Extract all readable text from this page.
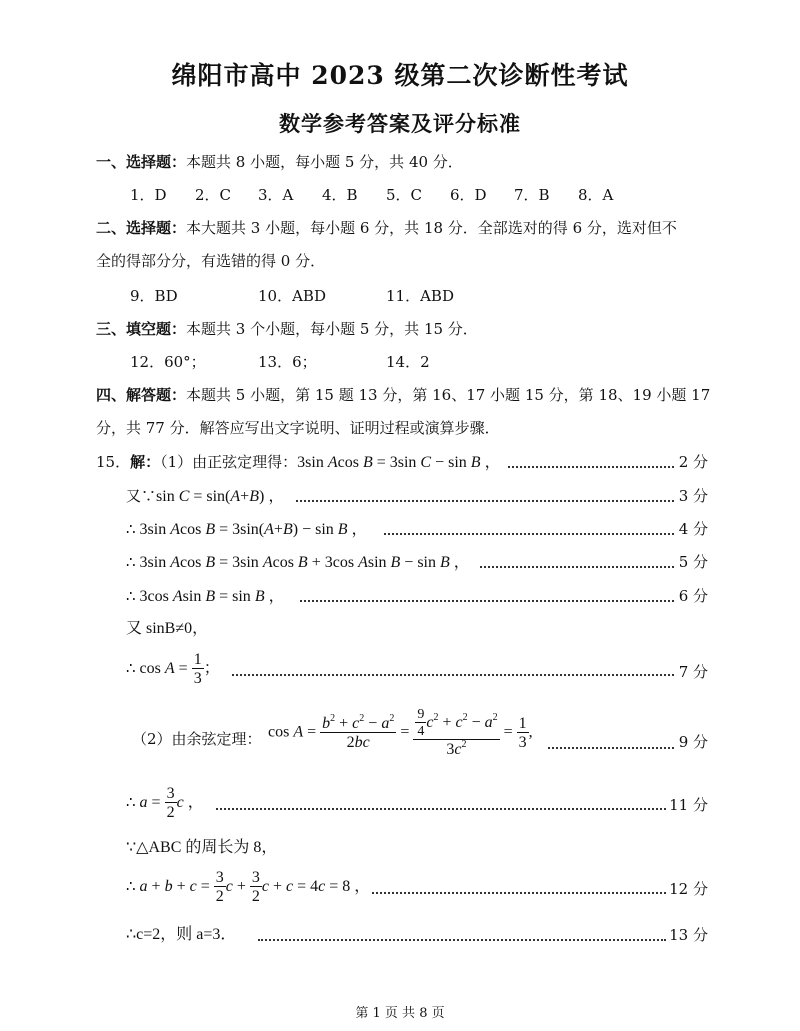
绵阳市高中 2023 级第二次诊断性考试
数学参考答案及评分标准
一、选择题：本题共 8 小题，每小题 5 分，共 40 分．
1．D 2．C 3．A 4．B 5．C 6．D 7．B 8．A
二、选择题：本大题共 3 小题，每小题 6 分，共 18 分．全部选对的得 6 分，选对但不
全的得部分分，有选错的得 0 分．
9．BD	10．ABD	11．ABD
三、填空题：本题共 3 个小题，每小题 5 分，共 15 分．
12．60°；	13．6；	14．2
四、解答题：本题共 5 小题，第 15 题 13 分，第 16、17 小题 15 分，第 18、19 小题 17
分，共 77 分．解答应写出文字说明、证明过程或演算步骤．
15．解：（1）由正弦定理得：3sin Acos B = 3sin C − sin B ，	2 分
又∵sin C = sin(A+B) ，	3 分
∴ 3sin Acos B = 3sin(A+B) − sin B ，	4 分
∴ 3sin Acos B = 3sin Acos B + 3cos Asin B − sin B ，	5 分
∴ 3cos Asin B = sin B ，	6 分
又 sinB≠0，
∴ $\cos A = \frac{1}{3}$ ；	7 分
（2）由余弦定理： $\cos A = \frac{b^2 + c^2 - a^2}{2bc} = \frac{\frac{9}{4} c^2 + c^2 - a^2}{3c^2} = \frac{1}{3}$ ,
9 分
∴ $a = \frac{3}{2}$ c ，	11 分
∵△ABC 的周长为 8，
∴ $a + b + c = \frac{3}{2}$ $c + \frac{3}{2}$ c + c = 4c = 8 ，	12 分
∴c=2，则 a=3．	13 分
第 1 页 共 8 页
